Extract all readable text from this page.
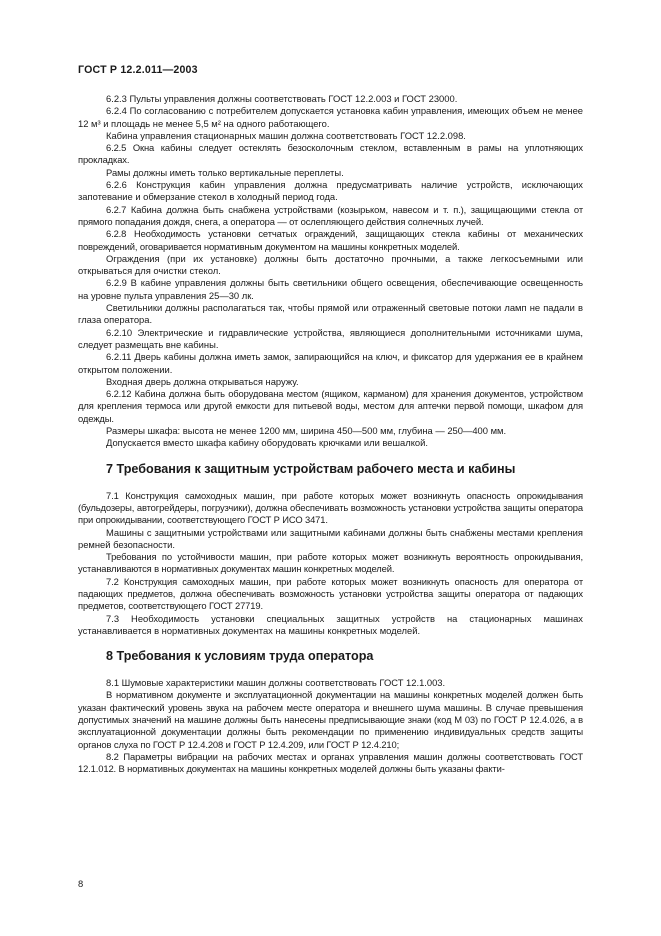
ГОСТ Р 12.2.011—2003

6.2.3 Пульты управления должны соответствовать ГОСТ 12.2.003 и ГОСТ 23000.

6.2.4 По согласованию с потребителем допускается установка кабин управления, имеющих объем не менее 12 м³ и площадь не менее 5,5 м² на одного работающего.

Кабина управления стационарных машин должна соответствовать ГОСТ 12.2.098.

6.2.5 Окна кабины следует остеклять безосколочным стеклом, вставленным в рамы на уплотняющих прокладках.

Рамы должны иметь только вертикальные переплеты.

6.2.6 Конструкция кабин управления должна предусматривать наличие устройств, исключающих запотевание и обмерзание стекол в холодный период года.

6.2.7 Кабина должна быть снабжена устройствами (козырьком, навесом и т. п.), защищающими стекла от прямого попадания дождя, снега, а оператора — от ослепляющего действия солнечных лучей.

6.2.8 Необходимость установки сетчатых ограждений, защищающих стекла кабины от механических повреждений, оговаривается нормативным документом на машины конкретных моделей.

Ограждения (при их установке) должны быть достаточно прочными, а также легкосъемными или открываться для очистки стекол.

6.2.9 В кабине управления должны быть светильники общего освещения, обеспечивающие освещенность на уровне пульта управления 25—30 лк.

Светильники должны располагаться так, чтобы прямой или отраженный световые потоки ламп не падали в глаза оператора.

6.2.10 Электрические и гидравлические устройства, являющиеся дополнительными источниками шума, следует размещать вне кабины.

6.2.11 Дверь кабины должна иметь замок, запирающийся на ключ, и фиксатор для удержания ее в крайнем открытом положении.

Входная дверь должна открываться наружу.

6.2.12 Кабина должна быть оборудована местом (ящиком, карманом) для хранения документов, устройством для крепления термоса или другой емкости для питьевой воды, местом для аптечки первой помощи, шкафом для одежды.

Размеры шкафа: высота не менее 1200 мм, ширина 450—500 мм, глубина — 250—400 мм.

Допускается вместо шкафа кабину оборудовать крючками или вешалкой.

7 Требования к защитным устройствам рабочего места и кабины

7.1 Конструкция самоходных машин, при работе которых может возникнуть опасность опрокидывания (бульдозеры, автогрейдеры, погрузчики), должна обеспечивать возможность установки устройства защиты оператора при опрокидывании, соответствующего ГОСТ Р ИСО 3471.

Машины с защитными устройствами или защитными кабинами должны быть снабжены местами крепления ремней безопасности.

Требования по устойчивости машин, при работе которых может возникнуть вероятность опрокидывания, устанавливаются в нормативных документах машин конкретных моделей.

7.2 Конструкция самоходных машин, при работе которых может возникнуть опасность для оператора от падающих предметов, должна обеспечивать возможность установки устройства защиты оператора от падающих предметов, соответствующего ГОСТ 27719.

7.3 Необходимость установки специальных защитных устройств на стационарных машинах устанавливается в нормативных документах на машины конкретных моделей.

8 Требования к условиям труда оператора

8.1 Шумовые характеристики машин должны соответствовать ГОСТ 12.1.003.

В нормативном документе и эксплуатационной документации на машины конкретных моделей должен быть указан фактический уровень звука на рабочем месте оператора и внешнего шума машины. В случае превышения допустимых значений на машине должны быть нанесены предписывающие знаки (код М 03) по ГОСТ Р 12.4.026, а в эксплуатационной документации должны быть рекомендации по применению индивидуальных средств защиты органов слуха по ГОСТ Р 12.4.208 и ГОСТ Р 12.4.209, или ГОСТ Р 12.4.210;

8.2 Параметры вибрации на рабочих местах и органах управления машин должны соответствовать ГОСТ 12.1.012. В нормативных документах на машины конкретных моделей должны быть указаны факти-

8
